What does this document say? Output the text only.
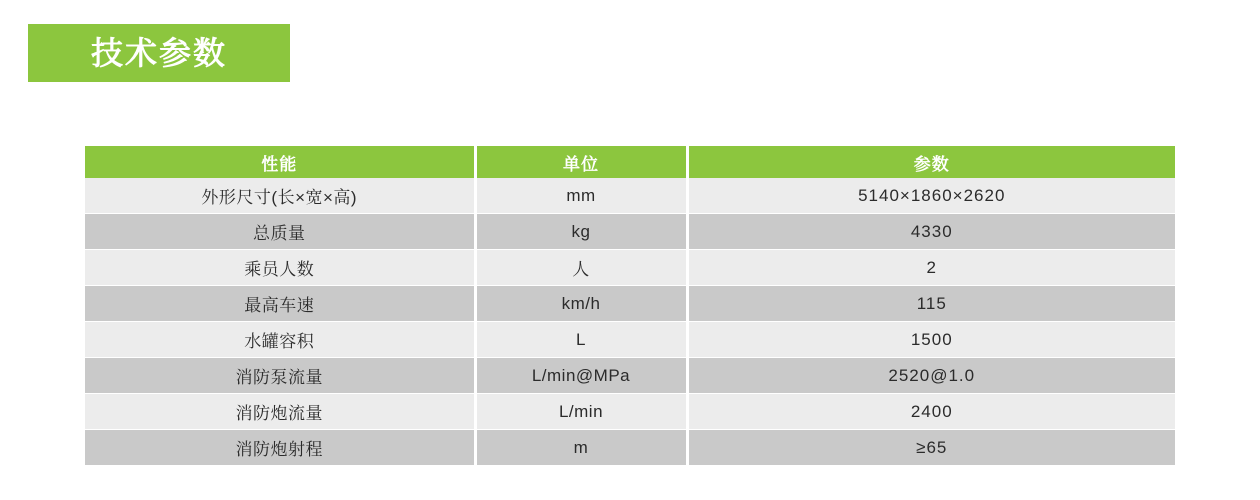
技术参数
性能	单位	参数
外形尺寸(长×宽×高)	mm	5140×1860×2620
总质量	kg	4330
乘员人数	人	2
最高车速	km/h	115
水罐容积	L	1500
消防泵流量	L/min@MPa	2520@1.0
消防炮流量	L/min	2400
消防炮射程	m	≥65
